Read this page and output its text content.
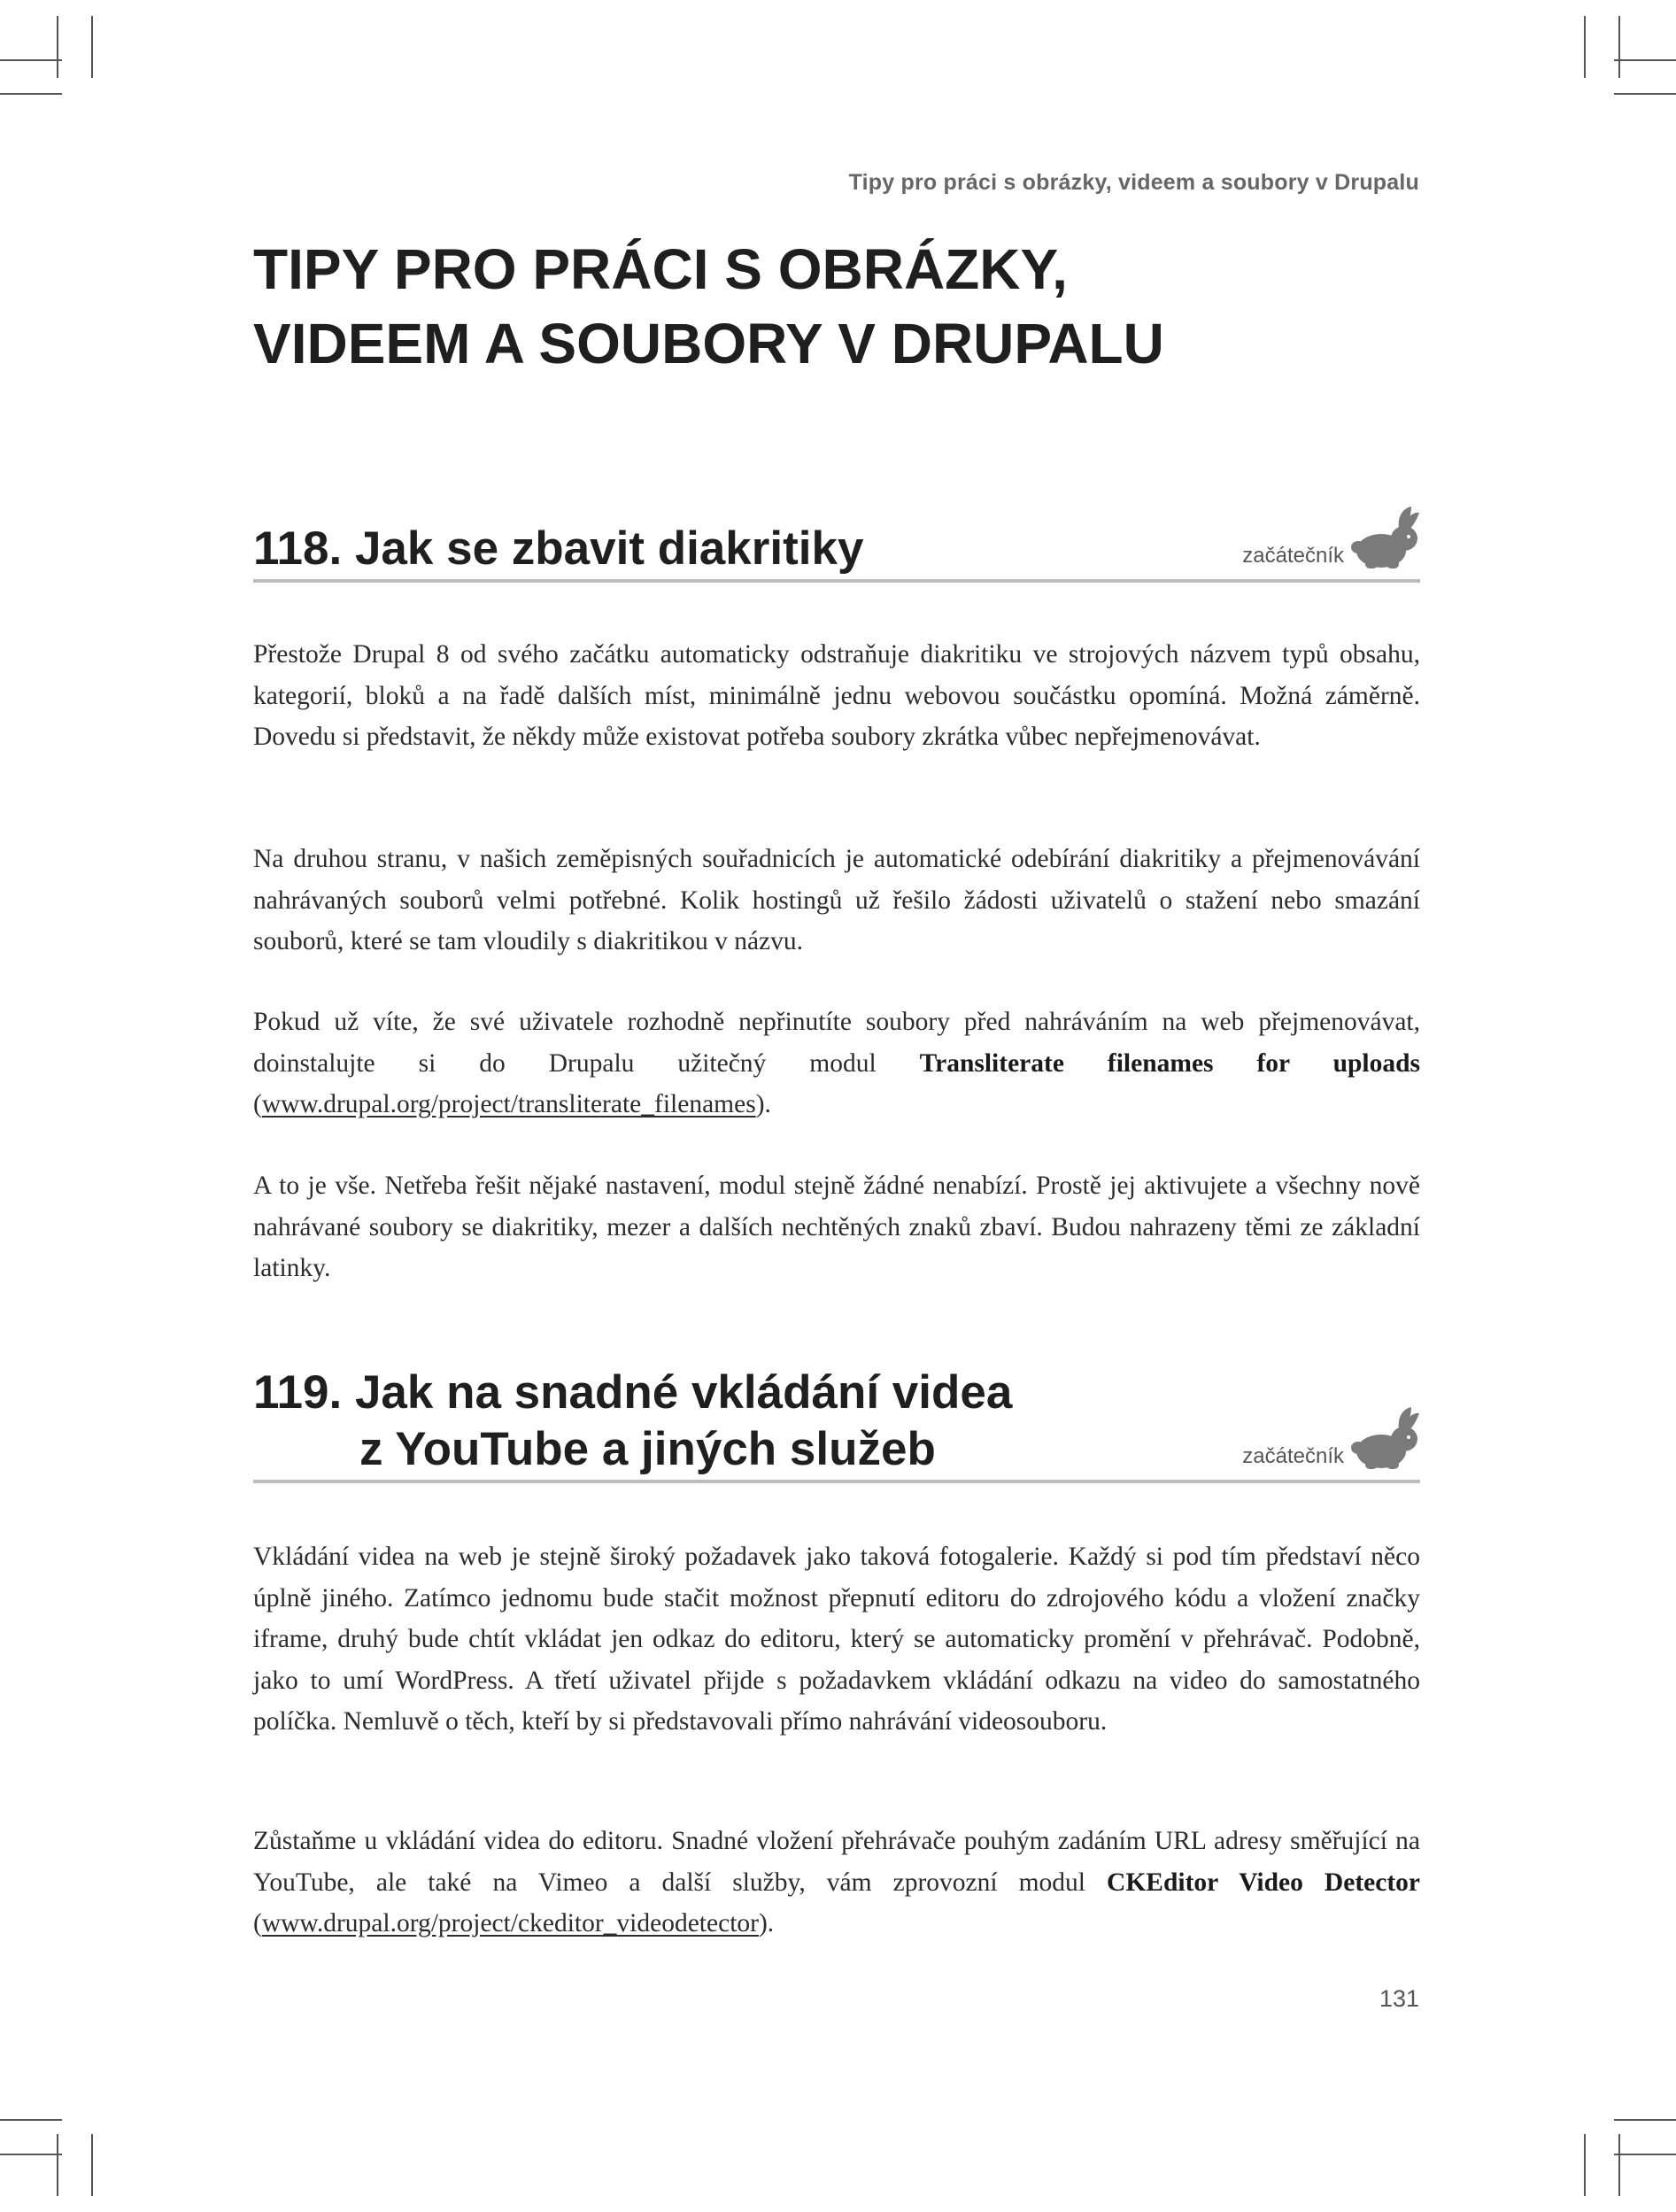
Tipy pro práci s obrázky, videem a soubory v Drupalu
TIPY PRO PRÁCI S OBRÁZKY,
VIDEEM A SOUBORY V DRUPALU
118. Jak se zbavit diakritiky	začátečník

Přestože Drupal 8 od svého začátku automaticky odstraňuje diakritiku ve strojových názvem typů obsahu, kategorií, bloků a na řadě dalších míst, minimálně jednu webovou součástku opomíná. Možná záměrně. Dovedu si představit, že někdy může existovat potřeba soubory zkrátka vůbec nepřejmenovávat.

Na druhou stranu, v našich zeměpisných souřadnicích je automatické odebírání diakritiky a přejmenovávání nahrávaných souborů velmi potřebné. Kolik hostingů už řešilo žádosti uživatelů o stažení nebo smazání souborů, které se tam vloudily s diakritikou v názvu.

Pokud už víte, že své uživatele rozhodně nepřinutíte soubory před nahráváním na web přejmenovávat, doinstalujte si do Drupalu užitečný modul Transliterate filenames for uploads (www.drupal.org/project/transliterate_filenames).

A to je vše. Netřeba řešit nějaké nastavení, modul stejně žádné nenabízí. Prostě jej aktivujete a všechny nově nahrávané soubory se diakritiky, mezer a dalších nechtěných znaků zbaví. Budou nahrazeny těmi ze základní latinky.

119. Jak na snadné vkládání videa
z YouTube a jiných služeb	začátečník

Vkládání videa na web je stejně široký požadavek jako taková fotogalerie. Každý si pod tím představí něco úplně jiného. Zatímco jednomu bude stačit možnost přepnutí editoru do zdrojového kódu a vložení značky iframe, druhý bude chtít vkládat jen odkaz do editoru, který se automaticky promění v přehrávač. Podobně, jako to umí WordPress. A třetí uživatel přijde s požadavkem vkládání odkazu na video do samostatného políčka. Nemluvě o těch, kteří by si představovali přímo nahrávání videosouboru.

Zůstaňme u vkládání videa do editoru. Snadné vložení přehrávače pouhým zadáním URL adresy směřující na YouTube, ale také na Vimeo a další služby, vám zprovozní modul CKEditor Video Detector (www.drupal.org/project/ckeditor_videodetector).

131
